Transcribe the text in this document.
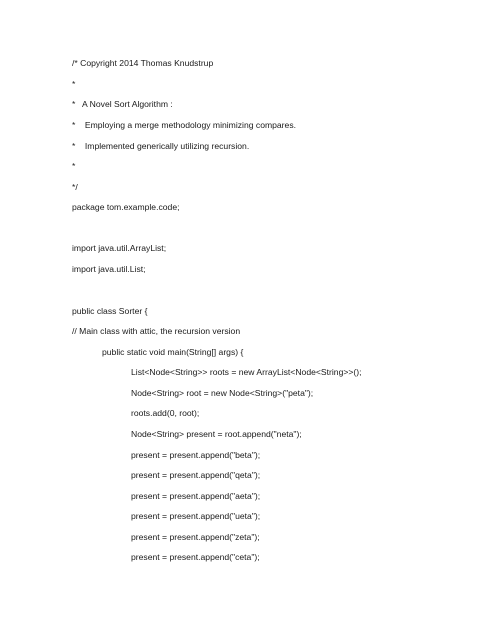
/* Copyright 2014 Thomas Knudstrup
*
*   A Novel Sort Algorithm :
*    Employing a merge methodology minimizing compares.
*    Implemented generically utilizing recursion.
*
*/
package tom.example.code;
import java.util.ArrayList;
import java.util.List;
public class Sorter {
// Main class with attic, the recursion version
public static void main(String[] args) {
List<Node<String>> roots = new ArrayList<Node<String>>();
Node<String> root = new Node<String>("peta");
roots.add(0, root);
Node<String> present = root.append("neta");
present = present.append("beta");
present = present.append("qeta");
present = present.append("aeta");
present = present.append("ueta");
present = present.append("zeta");
present = present.append("ceta");
